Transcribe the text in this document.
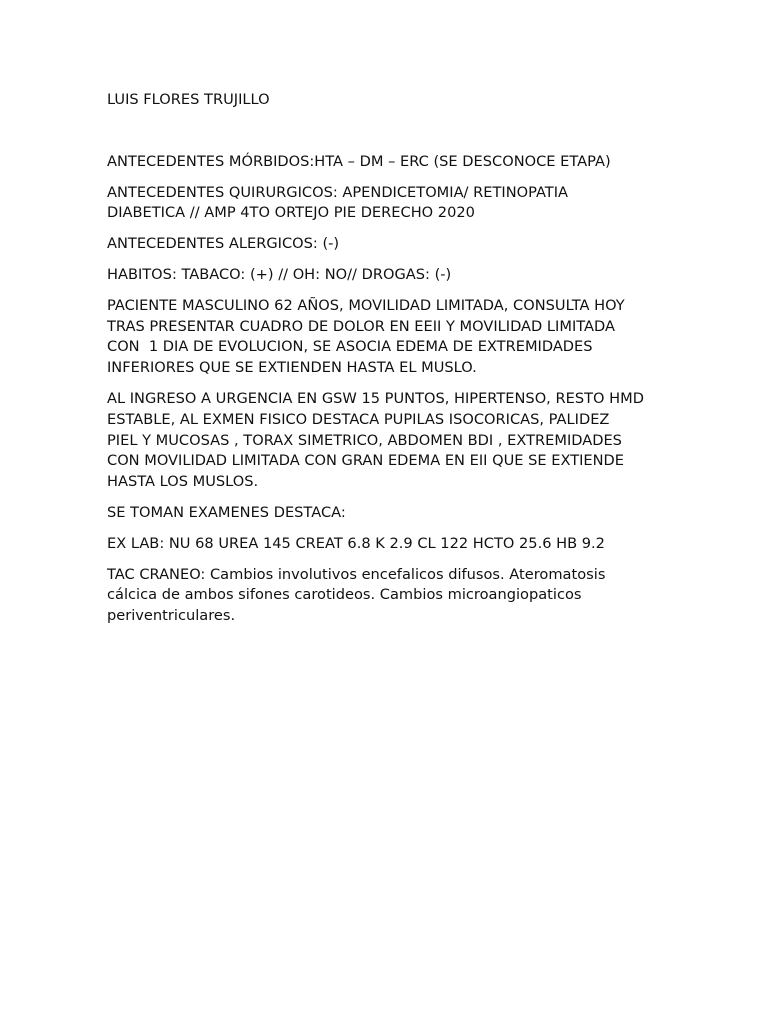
LUIS FLORES TRUJILLO

ANTECEDENTES MÓRBIDOS:HTA – DM – ERC (SE DESCONOCE ETAPA)

ANTECEDENTES QUIRURGICOS: APENDICETOMIA/ RETINOPATIA
DIABETICA // AMP 4TO ORTEJO PIE DERECHO 2020

ANTECEDENTES ALERGICOS: (-)

HABITOS: TABACO: (+) // OH: NO// DROGAS: (-)

PACIENTE MASCULINO 62 AÑOS, MOVILIDAD LIMITADA, CONSULTA HOY
TRAS PRESENTAR CUADRO DE DOLOR EN EEII Y MOVILIDAD LIMITADA
CON  1 DIA DE EVOLUCION, SE ASOCIA EDEMA DE EXTREMIDADES
INFERIORES QUE SE EXTIENDEN HASTA EL MUSLO.

AL INGRESO A URGENCIA EN GSW 15 PUNTOS, HIPERTENSO, RESTO HMD
ESTABLE, AL EXMEN FISICO DESTACA PUPILAS ISOCORICAS, PALIDEZ
PIEL Y MUCOSAS , TORAX SIMETRICO, ABDOMEN BDI , EXTREMIDADES
CON MOVILIDAD LIMITADA CON GRAN EDEMA EN EII QUE SE EXTIENDE
HASTA LOS MUSLOS.

SE TOMAN EXAMENES DESTACA:

EX LAB: NU 68 UREA 145 CREAT 6.8 K 2.9 CL 122 HCTO 25.6 HB 9.2

TAC CRANEO: Cambios involutivos encefalicos difusos. Ateromatosis
cálcica de ambos sifones carotideos. Cambios microangiopaticos
periventriculares.
